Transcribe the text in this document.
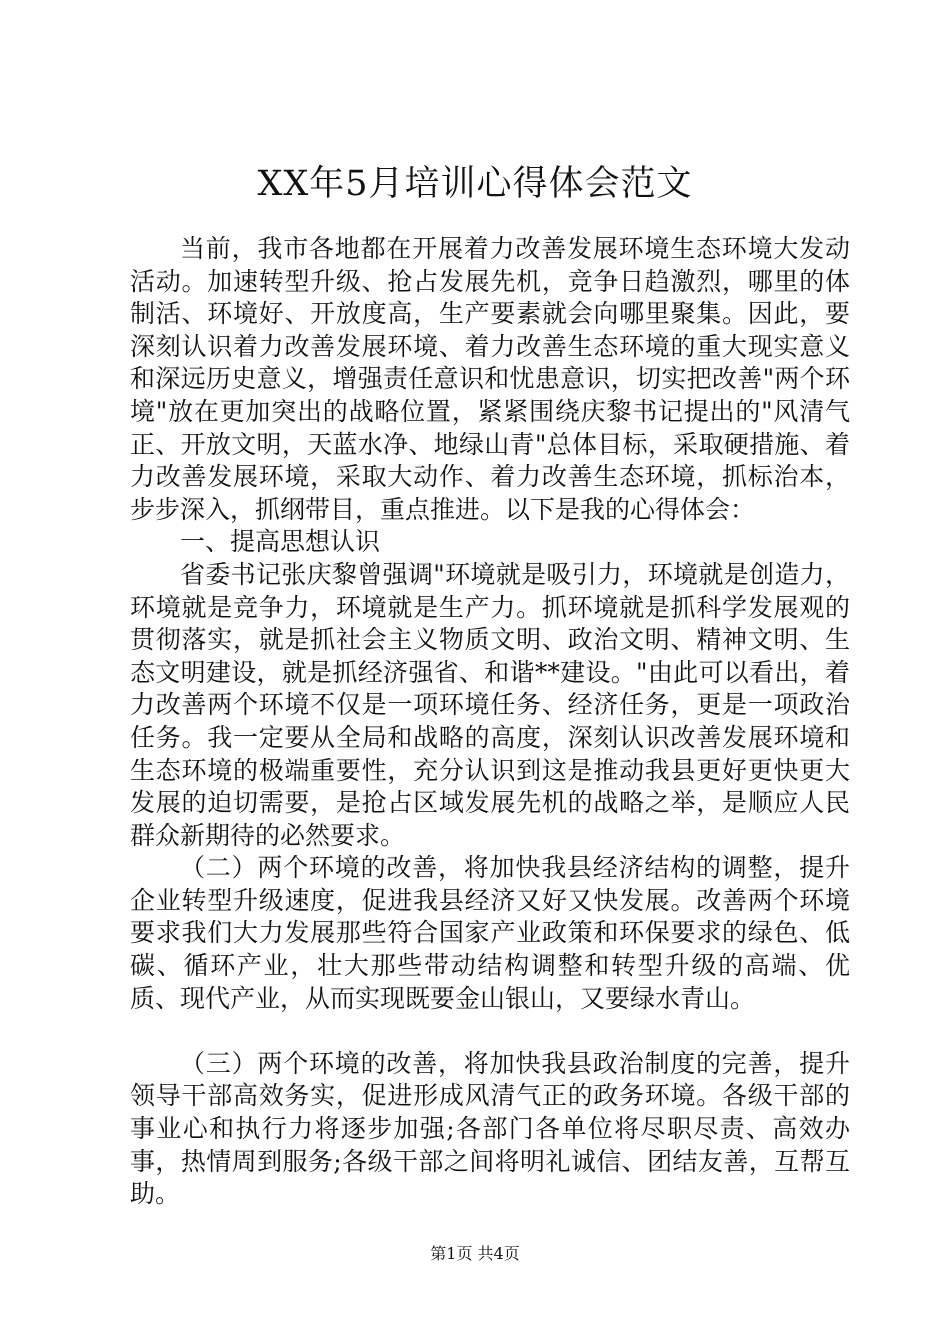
XX年5月培训心得体会范文

当前，我市各地都在开展着力改善发展环境生态环境大发动活动。加速转型升级、抢占发展先机，竞争日趋激烈，哪里的体制活、环境好、开放度高，生产要素就会向哪里聚集。因此，要深刻认识着力改善发展环境、着力改善生态环境的重大现实意义和深远历史意义，增强责任意识和忧患意识，切实把改善"两个环境"放在更加突出的战略位置，紧紧围绕庆黎书记提出的"风清气正、开放文明，天蓝水净、地绿山青"总体目标，采取硬措施、着力改善发展环境，采取大动作、着力改善生态环境，抓标治本，步步深入，抓纲带目，重点推进。以下是我的心得体会：

一、提高思想认识

省委书记张庆黎曾强调"环境就是吸引力，环境就是创造力，环境就是竞争力，环境就是生产力。抓环境就是抓科学发展观的贯彻落实，就是抓社会主义物质文明、政治文明、精神文明、生态文明建设，就是抓经济强省、和谐**建设。"由此可以看出，着力改善两个环境不仅是一项环境任务、经济任务，更是一项政治任务。我一定要从全局和战略的高度，深刻认识改善发展环境和生态环境的极端重要性，充分认识到这是推动我县更好更快更大发展的迫切需要，是抢占区域发展先机的战略之举，是顺应人民群众新期待的必然要求。

（二）两个环境的改善，将加快我县经济结构的调整，提升企业转型升级速度，促进我县经济又好又快发展。改善两个环境要求我们大力发展那些符合国家产业政策和环保要求的绿色、低碳、循环产业，壮大那些带动结构调整和转型升级的高端、优质、现代产业，从而实现既要金山银山，又要绿水青山。

（三）两个环境的改善，将加快我县政治制度的完善，提升领导干部高效务实，促进形成风清气正的政务环境。各级干部的事业心和执行力将逐步加强;各部门各单位将尽职尽责、高效办事，热情周到服务;各级干部之间将明礼诚信、团结友善，互帮互助。

第1页 共4页
